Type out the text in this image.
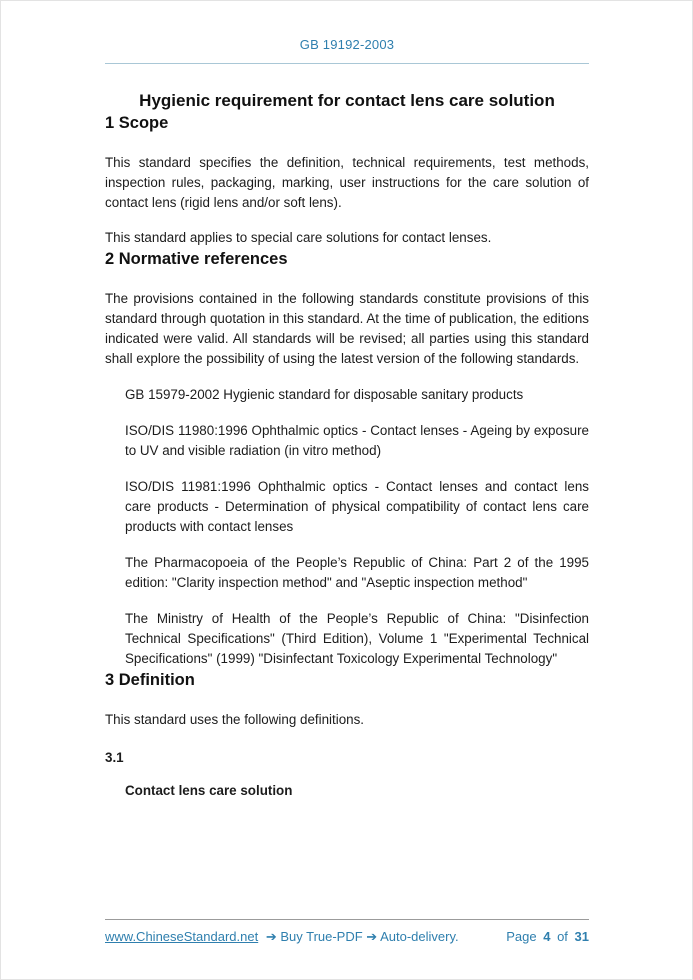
GB 19192-2003
Hygienic requirement for contact lens care solution
1 Scope

This standard specifies the definition, technical requirements, test methods, inspection rules, packaging, marking, user instructions for the care solution of contact lens (rigid lens and/or soft lens).

This standard applies to special care solutions for contact lenses.

2 Normative references

The provisions contained in the following standards constitute provisions of this standard through quotation in this standard. At the time of publication, the editions indicated were valid. All standards will be revised; all parties using this standard shall explore the possibility of using the latest version of the following standards.

GB 15979-2002 Hygienic standard for disposable sanitary products

ISO/DIS 11980:1996 Ophthalmic optics - Contact lenses - Ageing by exposure to UV and visible radiation (in vitro method)

ISO/DIS 11981:1996 Ophthalmic optics - Contact lenses and contact lens care products - Determination of physical compatibility of contact lens care products with contact lenses

The Pharmacopoeia of the People’s Republic of China: Part 2 of the 1995 edition: "Clarity inspection method" and "Aseptic inspection method"

The Ministry of Health of the People’s Republic of China: "Disinfection Technical Specifications" (Third Edition), Volume 1 "Experimental Technical Specifications" (1999) "Disinfectant Toxicology Experimental Technology"

3 Definition

This standard uses the following definitions.

3.1

Contact lens care solution

www.ChineseStandard.net ➔ Buy True-PDF ➔ Auto-delivery.	Page 4 of 31
